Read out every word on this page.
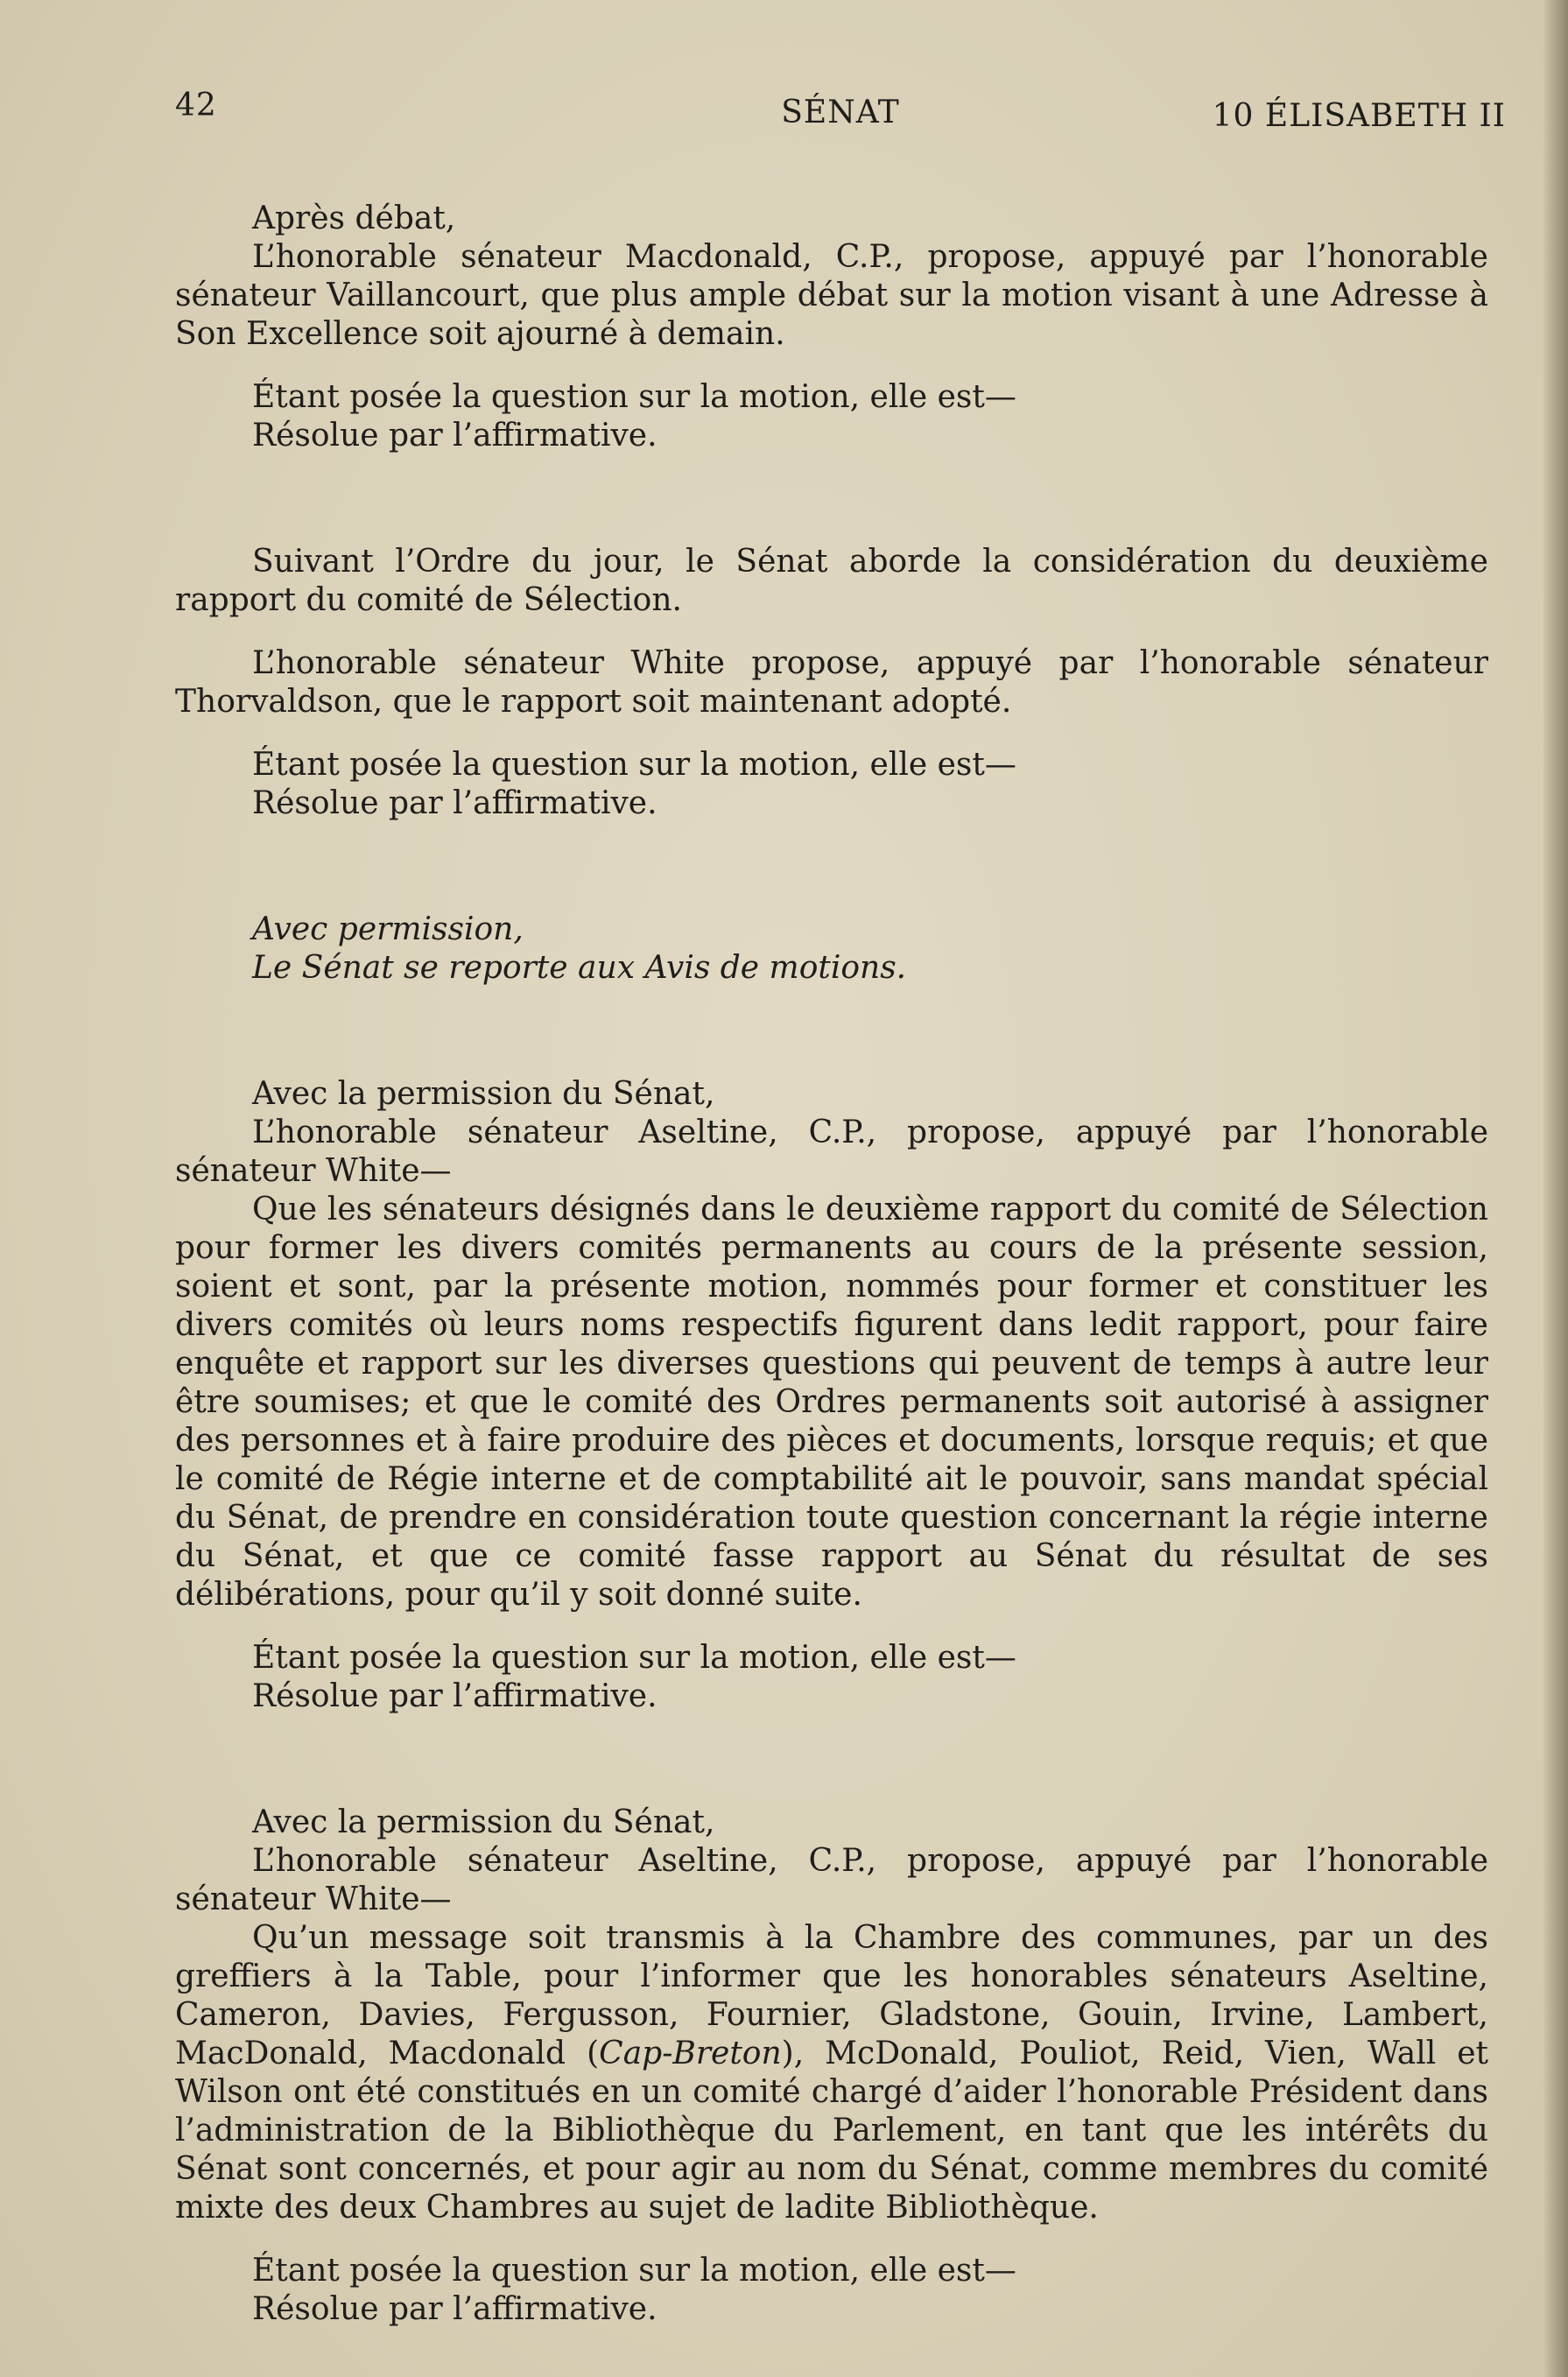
42	SÉNAT	10 ÉLISABETH II
Après débat,

L’honorable sénateur Macdonald, C.P., propose, appuyé par l’honorable sénateur Vaillancourt, que plus ample débat sur la motion visant à une Adresse à Son Excellence soit ajourné à demain.

Étant posée la question sur la motion, elle est—
Résolue par l’affirmative.

Suivant l’Ordre du jour, le Sénat aborde la considération du deuxième rapport du comité de Sélection.

L’honorable sénateur White propose, appuyé par l’honorable sénateur Thorvaldson, que le rapport soit maintenant adopté.

Étant posée la question sur la motion, elle est—
Résolue par l’affirmative.
Avec permission,
Le Sénat se reporte aux Avis de motions.
Avec la permission du Sénat,

L’honorable sénateur Aseltine, C.P., propose, appuyé par l’honorable sénateur White—

Que les sénateurs désignés dans le deuxième rapport du comité de Sélection pour former les divers comités permanents au cours de la présente session, soient et sont, par la présente motion, nommés pour former et constituer les divers comités où leurs noms respectifs figurent dans ledit rapport, pour faire enquête et rapport sur les diverses questions qui peuvent de temps à autre leur être soumises; et que le comité des Ordres permanents soit autorisé à assigner des personnes et à faire produire des pièces et documents, lorsque requis; et que le comité de Régie interne et de comptabilité ait le pouvoir, sans mandat spécial du Sénat, de prendre en considération toute question concernant la régie interne du Sénat, et que ce comité fasse rapport au Sénat du résultat de ses délibérations, pour qu’il y soit donné suite.

Étant posée la question sur la motion, elle est—
Résolue par l’affirmative.
Avec la permission du Sénat,

L’honorable sénateur Aseltine, C.P., propose, appuyé par l’honorable sénateur White—

Qu’un message soit transmis à la Chambre des communes, par un des greffiers à la Table, pour l’informer que les honorables sénateurs Aseltine, Cameron, Davies, Fergusson, Fournier, Gladstone, Gouin, Irvine, Lambert, MacDonald, Macdonald (Cap-Breton), McDonald, Pouliot, Reid, Vien, Wall et Wilson ont été constitués en un comité chargé d’aider l’honorable Président dans l’administration de la Bibliothèque du Parlement, en tant que les intérêts du Sénat sont concernés, et pour agir au nom du Sénat, comme membres du comité mixte des deux Chambres au sujet de ladite Bibliothèque.

Étant posée la question sur la motion, elle est—
Résolue par l’affirmative.
